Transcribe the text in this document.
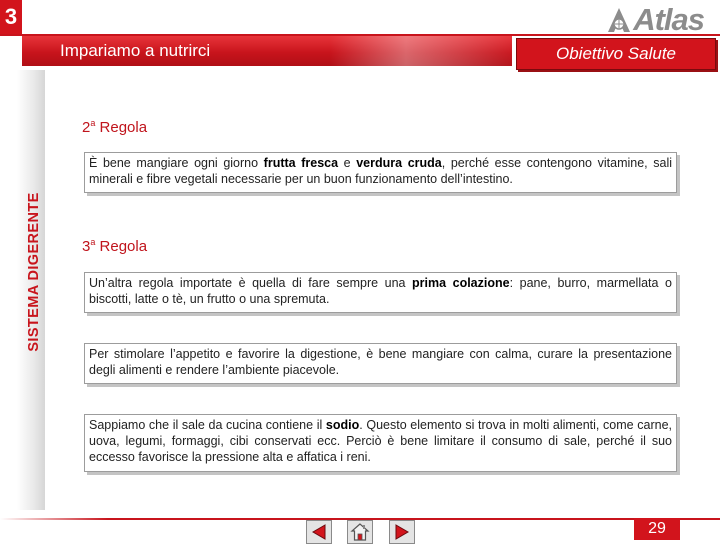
3	Atlas
Impariamo a nutrirci	Obiettivo Salute
SISTEMA DIGERENTE
2$^a$ Regola
È bene mangiare ogni giorno frutta fresca e verdura cruda, perché esse contengono vitamine, sali minerali e fibre vegetali necessarie per un buon funzionamento dell’intestino.
3$^a$ Regola
Un’altra regola importate è quella di fare sempre una prima colazione: pane, burro, marmellata o biscotti, latte o tè, un frutto o una spremuta.
Per stimolare l’appetito e favorire la digestione, è bene mangiare con calma, curare la presentazione degli alimenti e rendere l’ambiente piacevole.
Sappiamo che il sale da cucina contiene il sodio. Questo elemento si trova in molti alimenti, come carne, uova, legumi, formaggi, cibi conservati ecc. Perciò è bene limitare il consumo di sale, perché il suo eccesso favorisce la pressione alta e affatica i reni.
29
